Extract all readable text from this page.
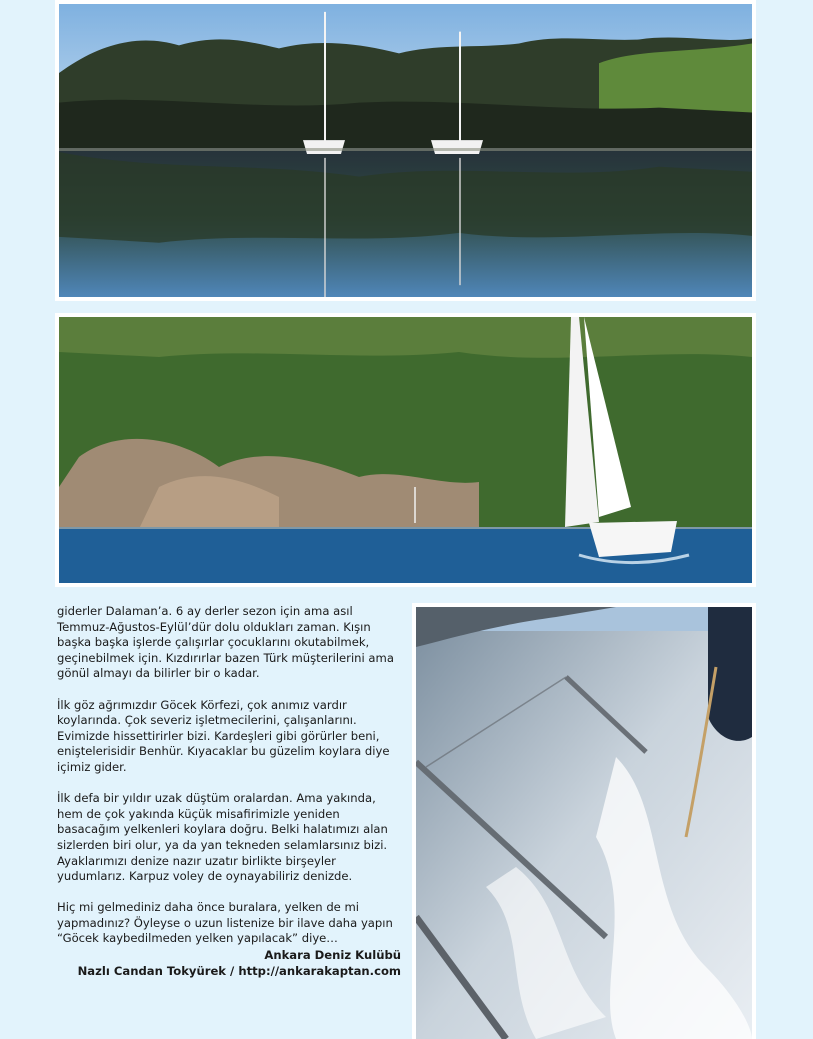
giderler Dalaman’a. 6 ay derler sezon için ama asıl Temmuz-Ağustos-Eylül’dür dolu oldukları zaman. Kışın başka başka işlerde çalışırlar çocuklarını okutabilmek, geçinebilmek için. Kızdırırlar bazen Türk müşterilerini ama gönül almayı da bilirler bir o kadar.

İlk göz ağrımızdır Göcek Körfezi, çok anımız vardır koylarında. Çok severiz işletmecilerini, çalışanlarını. Evimizde hissettirirler bizi. Kardeşleri gibi görürler beni, eniştelerisidir Benhür. Kıyacaklar bu güzelim koylara diye içimiz gider.

İlk defa bir yıldır uzak düştüm oralardan. Ama yakında, hem de çok yakında küçük misafirimizle yeniden basacağım yelkenleri koylara doğru. Belki halatımızı alan sizlerden biri olur, ya da yan tekneden selamlarsınız bizi. Ayaklarımızı denize nazır uzatır birlikte birşeyler yudumlarız. Karpuz voley de oynayabiliriz denizde.

Hiç mi gelmediniz daha önce buralara, yelken de mi yapmadınız? Öyleyse o uzun listenize bir ilave daha yapın “Göcek kaybedilmeden yelken yapılacak” diye…

Ankara Deniz Kulübü
Nazlı Candan Tokyürek / http://ankarakaptan.com
